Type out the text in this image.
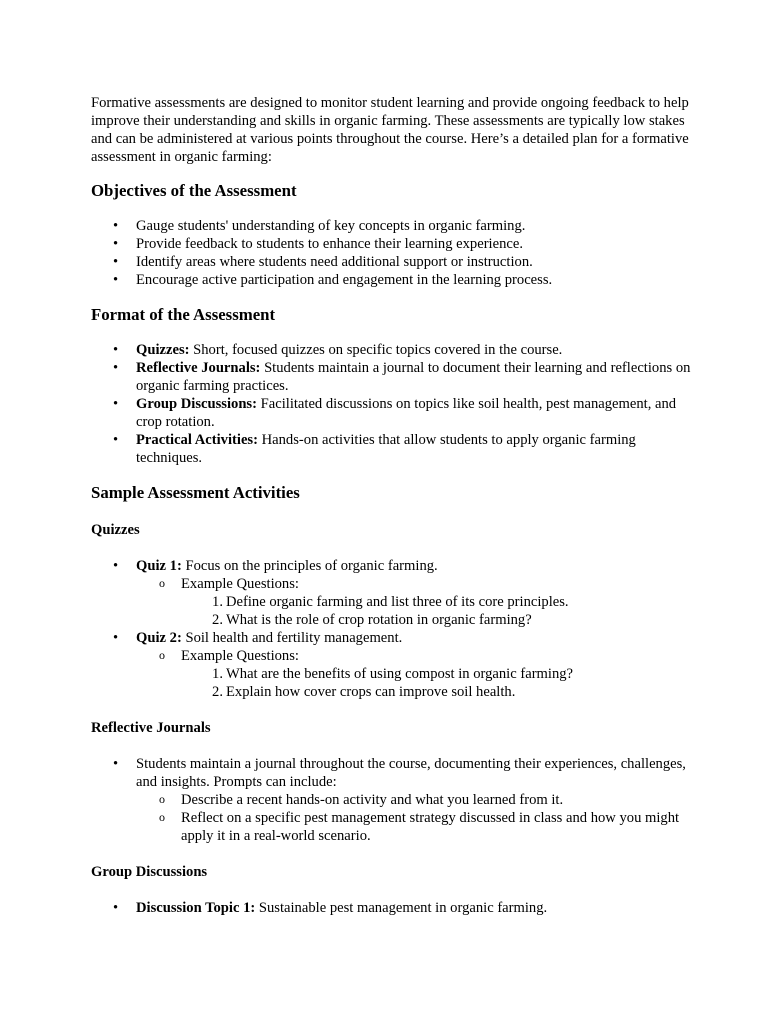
Formative assessments are designed to monitor student learning and provide ongoing feedback to help improve their understanding and skills in organic farming. These assessments are typically low stakes and can be administered at various points throughout the course. Here’s a detailed plan for a formative assessment in organic farming:

Objectives of the Assessment
• Gauge students' understanding of key concepts in organic farming.
• Provide feedback to students to enhance their learning experience.
• Identify areas where students need additional support or instruction.
• Encourage active participation and engagement in the learning process.
Format of the Assessment
• Quizzes: Short, focused quizzes on specific topics covered in the course.
• Reflective Journals: Students maintain a journal to document their learning and reflections on organic farming practices.
• Group Discussions: Facilitated discussions on topics like soil health, pest management, and crop rotation.
• Practical Activities: Hands-on activities that allow students to apply organic farming techniques.
Sample Assessment Activities
Quizzes
• Quiz 1: Focus on the principles of organic farming.
o Example Questions:
1. Define organic farming and list three of its core principles.
2. What is the role of crop rotation in organic farming?
• Quiz 2: Soil health and fertility management.
o Example Questions:
1. What are the benefits of using compost in organic farming?
2. Explain how cover crops can improve soil health.
Reflective Journals
• Students maintain a journal throughout the course, documenting their experiences, challenges, and insights. Prompts can include:
o Describe a recent hands-on activity and what you learned from it.
o Reflect on a specific pest management strategy discussed in class and how you might apply it in a real-world scenario.
Group Discussions
• Discussion Topic 1: Sustainable pest management in organic farming.
